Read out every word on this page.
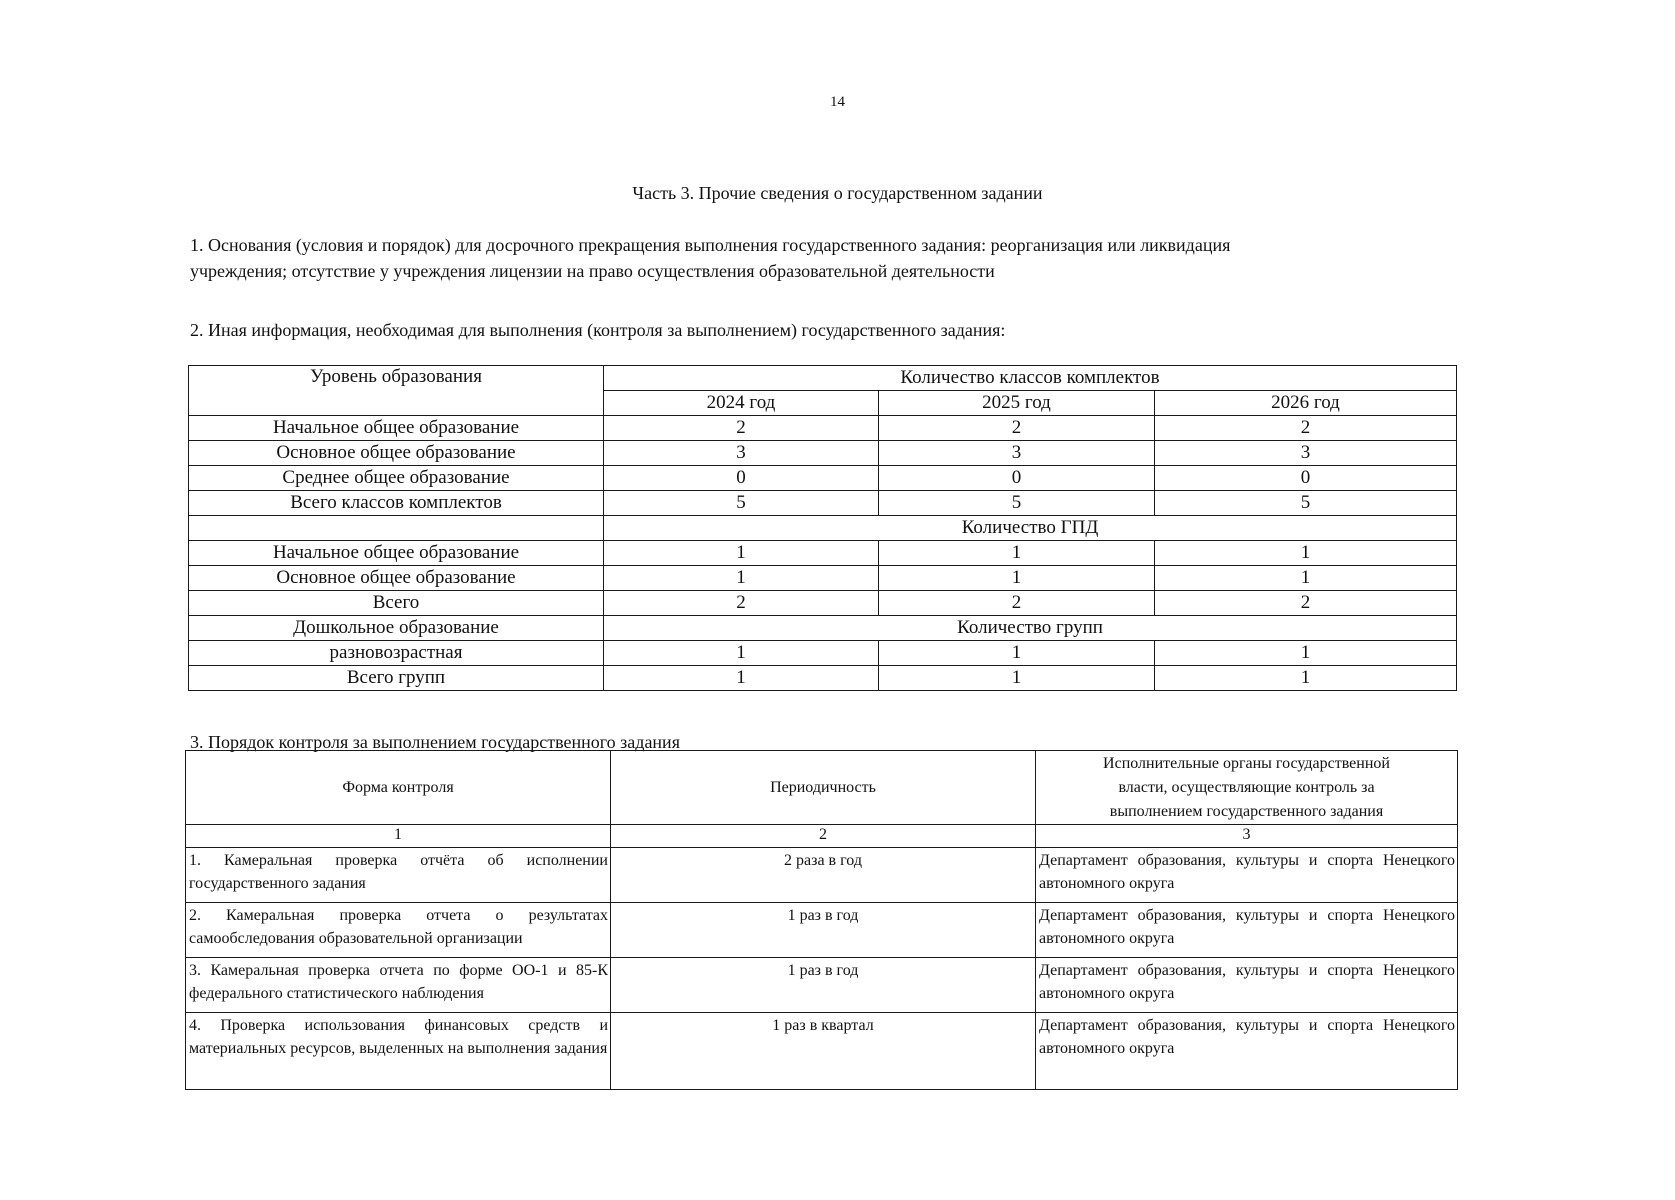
14
Часть 3. Прочие сведения о государственном задании
1. Основания (условия и порядок) для досрочного прекращения выполнения государственного задания: реорганизация или ликвидация
учреждения; отсутствие у учреждения лицензии на право осуществления образовательной деятельности
2. Иная информация, необходимая для выполнения (контроля за выполнением) государственного задания:
Уровень образования	Количество классов комплектов		
	2024 год	2025 год	2026 год
Начальное общее образование	2	2	2
Основное общее образование	3	3	3
Среднее общее образование	0	0	0
Всего классов комплектов	5	5	5
	Количество ГПД		
Начальное общее образование	1	1	1
Основное общее образование	1	1	1
Всего	2	2	2
Дошкольное образование	Количество групп		
разновозрастная	1	1	1
Всего групп	1	1	1
3. Порядок контроля за выполнением государственного задания
Форма контроля	Периодичность	Исполнительные органы государственной
власти, осуществляющие контроль за
выполнением государственного задания

1	2	3
1. Камеральная проверка отчёта об исполнении государственного задания	2 раза в год	Департамент образования, культуры и спорта Ненецкого автономного округа
2. Камеральная проверка отчета о результатах самообследования образовательной организации	1 раз в год	Департамент образования, культуры и спорта Ненецкого автономного округа
3. Камеральная проверка отчета по форме ОО-1 и 85-К федерального статистического наблюдения	1 раз в год	Департамент образования, культуры и спорта Ненецкого автономного округа
4. Проверка использования финансовых средств и материальных ресурсов, выделенных на выполнения задания	1 раз в квартал	Департамент образования, культуры и спорта Ненецкого автономного округа
